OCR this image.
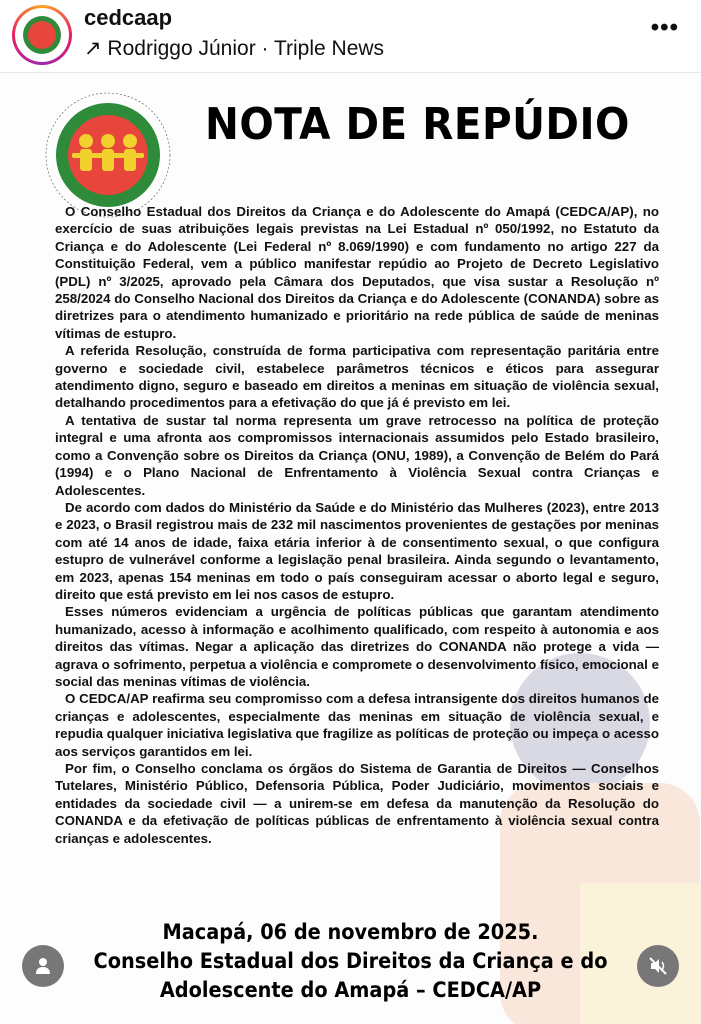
cedcaap
↗ Rodriggo Júnior · Triple News
•••
NOTA DE REPÚDIO

O Conselho Estadual dos Direitos da Criança e do Adolescente do Amapá (CEDCA/AP), no exercício de suas atribuições legais previstas na Lei Estadual nº 050/1992, no Estatuto da Criança e do Adolescente (Lei Federal nº 8.069/1990) e com fundamento no artigo 227 da Constituição Federal, vem a público manifestar repúdio ao Projeto de Decreto Legislativo (PDL) nº 3/2025, aprovado pela Câmara dos Deputados, que visa sustar a Resolução nº 258/2024 do Conselho Nacional dos Direitos da Criança e do Adolescente (CONANDA) sobre as diretrizes para o atendimento humanizado e prioritário na rede pública de saúde de meninas vítimas de estupro.

A referida Resolução, construída de forma participativa com representação paritária entre governo e sociedade civil, estabelece parâmetros técnicos e éticos para assegurar atendimento digno, seguro e baseado em direitos a meninas em situação de violência sexual, detalhando procedimentos para a efetivação do que já é previsto em lei.

A tentativa de sustar tal norma representa um grave retrocesso na política de proteção integral e uma afronta aos compromissos internacionais assumidos pelo Estado brasileiro, como a Convenção sobre os Direitos da Criança (ONU, 1989), a Convenção de Belém do Pará (1994) e o Plano Nacional de Enfrentamento à Violência Sexual contra Crianças e Adolescentes.

De acordo com dados do Ministério da Saúde e do Ministério das Mulheres (2023), entre 2013 e 2023, o Brasil registrou mais de 232 mil nascimentos provenientes de gestações por meninas com até 14 anos de idade, faixa etária inferior à de consentimento sexual, o que configura estupro de vulnerável conforme a legislação penal brasileira. Ainda segundo o levantamento, em 2023, apenas 154 meninas em todo o país conseguiram acessar o aborto legal e seguro, direito que está previsto em lei nos casos de estupro.

Esses números evidenciam a urgência de políticas públicas que garantam atendimento humanizado, acesso à informação e acolhimento qualificado, com respeito à autonomia e aos direitos das vítimas. Negar a aplicação das diretrizes do CONANDA não protege a vida — agrava o sofrimento, perpetua a violência e compromete o desenvolvimento físico, emocional e social das meninas vítimas de violência.

O CEDCA/AP reafirma seu compromisso com a defesa intransigente dos direitos humanos de crianças e adolescentes, especialmente das meninas em situação de violência sexual, e repudia qualquer iniciativa legislativa que fragilize as políticas de proteção ou impeça o acesso aos serviços garantidos em lei.

Por fim, o Conselho conclama os órgãos do Sistema de Garantia de Direitos — Conselhos Tutelares, Ministério Público, Defensoria Pública, Poder Judiciário, movimentos sociais e entidades da sociedade civil — a unirem-se em defesa da manutenção da Resolução do CONANDA e da efetivação de políticas públicas de enfrentamento à violência sexual contra crianças e adolescentes.

Macapá, 06 de novembro de 2025.
Conselho Estadual dos Direitos da Criança e do
Adolescente do Amapá – CEDCA/AP
